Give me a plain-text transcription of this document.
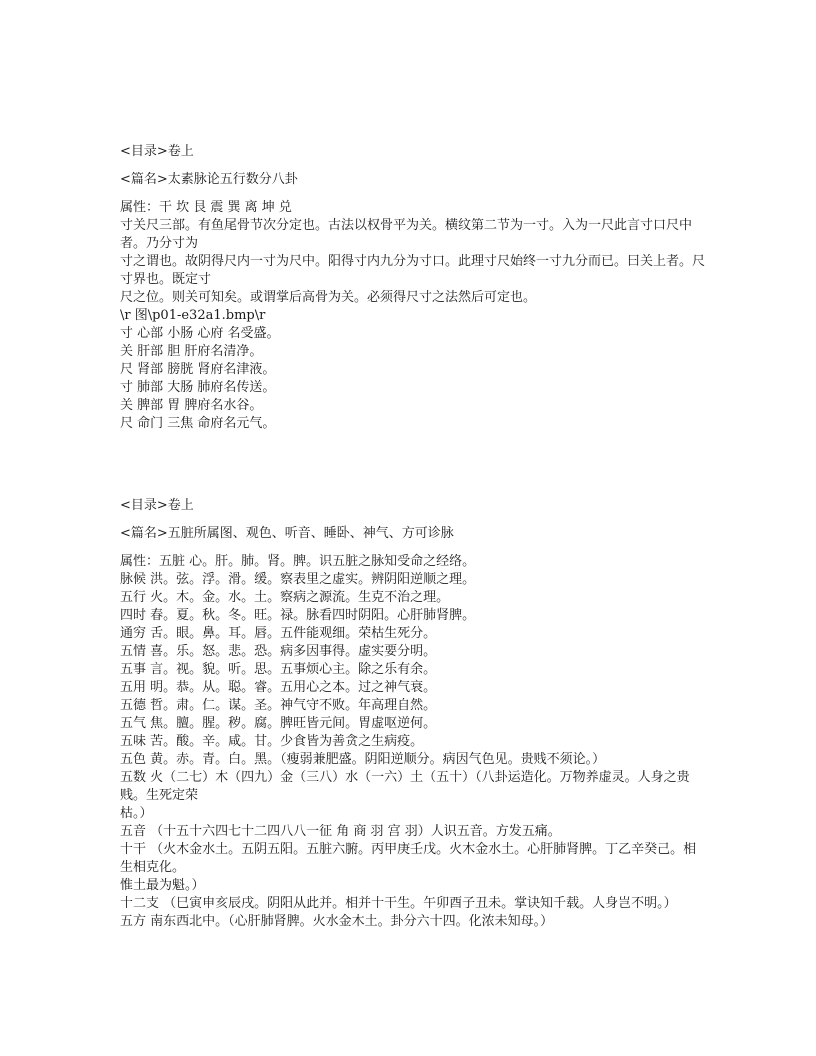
<目录>卷上

<篇名>太素脉论五行数分八卦

属性：干 坎 艮 震 巽 离 坤 兑

寸关尺三部。有鱼尾骨节次分定也。古法以权骨平为关。横纹第二节为一寸。入为一尺此言寸口尺中者。乃分寸为

寸之谓也。故阴得尺内一寸为尺中。阳得寸内九分为寸口。此理寸尺始终一寸九分而已。曰关上者。尺寸界也。既定寸

尺之位。则关可知矣。或谓掌后高骨为关。必须得尺寸之法然后可定也。

\r 图\p01-e32a1.bmp\r

寸 心部 小肠 心府 名受盛。

关 肝部 胆 肝府名清净。

尺 肾部 膀胱 肾府名津液。

寸 肺部 大肠 肺府名传送。

关 脾部 胃 脾府名水谷。

尺 命门 三焦 命府名元气。

<目录>卷上

<篇名>五脏所属图、观色、听音、睡卧、神气、方可诊脉

属性：五脏 心。肝。肺。肾。脾。识五脏之脉知受命之经络。

脉候 洪。弦。浮。滑。缓。察表里之虚实。辨阴阳逆顺之理。

五行 火。木。金。水。土。察病之源流。生克不治之理。

四时 春。夏。秋。冬。旺。禄。脉看四时阴阳。心肝肺肾脾。

通穷 舌。眼。鼻。耳。唇。五件能观细。荣枯生死分。

五情 喜。乐。怒。悲。恐。病多因事得。虚实要分明。

五事 言。视。貌。听。思。五事烦心主。除之乐有余。

五用 明。恭。从。聪。睿。五用心之本。过之神气衰。

五德 哲。肃。仁。谋。圣。神气守不败。年高理自然。

五气 焦。膻。腥。秽。腐。脾旺皆元间。胃虚呕逆何。

五味 苦。酸。辛。咸。甘。少食皆为善贪之生病疫。

五色 黄。赤。青。白。黑。（瘦弱兼肥盛。阴阳逆顺分。病因气色见。贵贱不须论。）

五数 火（二七）木（四九）金（三八）水（一六）土（五十）（八卦运造化。万物养虚灵。人身之贵贱。生死定荣

枯。）

五音 （十五十六四七十二四八八一征 角 商 羽 宫 羽）人识五音。方发五痛。

十干 （火木金水土。五阴五阳。五脏六腑。丙甲庚壬戊。火木金水土。心肝肺肾脾。丁乙辛癸己。相生相克化。

惟土最为魁。）

十二支 （巳寅申亥辰戌。阴阳从此并。相并十干生。午卯酉子丑未。掌诀知千载。人身岂不明。）

五方 南东西北中。（心肝肺肾脾。火水金木土。卦分六十四。化浓未知母。）
